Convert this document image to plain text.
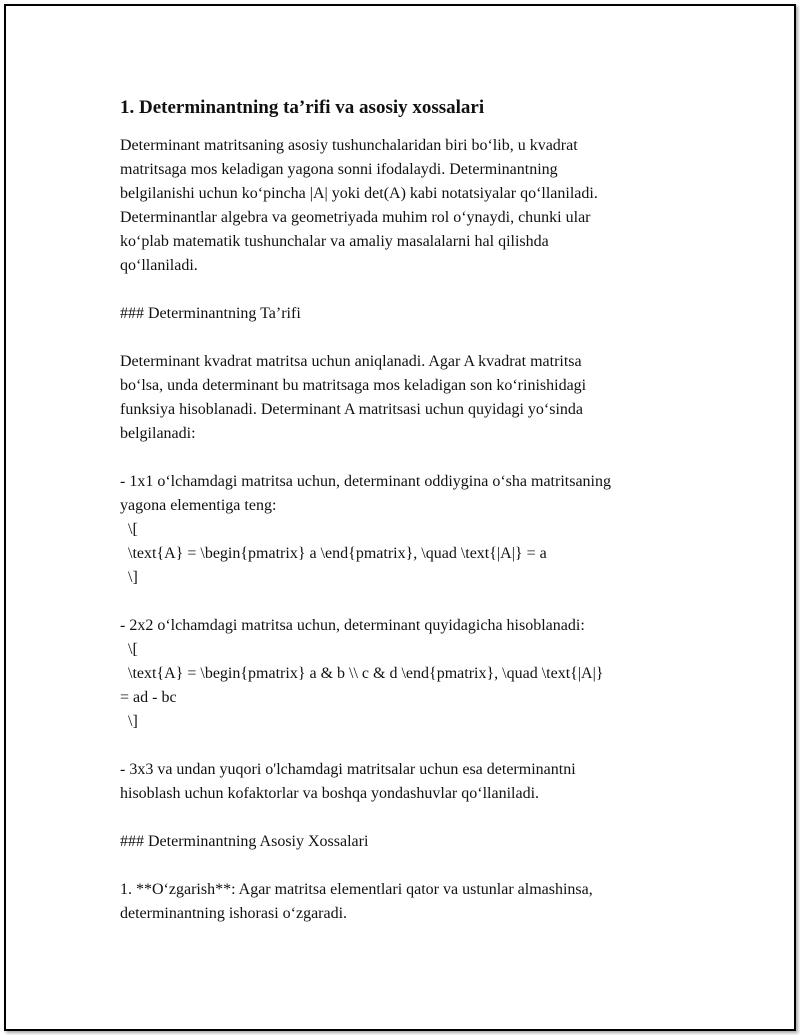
1. Determinantning ta’rifi va asosiy xossalari

Determinant matritsaning asosiy tushunchalaridan biri bo‘lib, u kvadrat
matritsaga mos keladigan yagona sonni ifodalaydi. Determinantning
belgilanishi uchun ko‘pincha |A| yoki det(A) kabi notatsiyalar qo‘llaniladi.
Determinantlar algebra va geometriyada muhim rol o‘ynaydi, chunki ular
ko‘plab matematik tushunchalar va amaliy masalalarni hal qilishda
qo‘llaniladi.

### Determinantning Ta’rifi

Determinant kvadrat matritsa uchun aniqlanadi. Agar A kvadrat matritsa
bo‘lsa, unda determinant bu matritsaga mos keladigan son ko‘rinishidagi
funksiya hisoblanadi. Determinant A matritsasi uchun quyidagi yo‘sinda
belgilanadi:

- 1x1 o‘lchamdagi matritsa uchun, determinant oddiygina o‘sha matritsaning
yagona elementiga teng:

\[

\text{A} = \begin{pmatrix} a \end{pmatrix}, \quad \text{|A|} = a

\]

- 2x2 o‘lchamdagi matritsa uchun, determinant quyidagicha hisoblanadi:

\[

\text{A} = \begin{pmatrix} a & b \\ c & d \end{pmatrix}, \quad \text{|A|}

= ad - bc

\]

- 3x3 va undan yuqori o'lchamdagi matritsalar uchun esa determinantni
hisoblash uchun kofaktorlar va boshqa yondashuvlar qo‘llaniladi.

### Determinantning Asosiy Xossalari

1. **O‘zgarish**: Agar matritsa elementlari qator va ustunlar almashinsa,
determinantning ishorasi o‘zgaradi.
